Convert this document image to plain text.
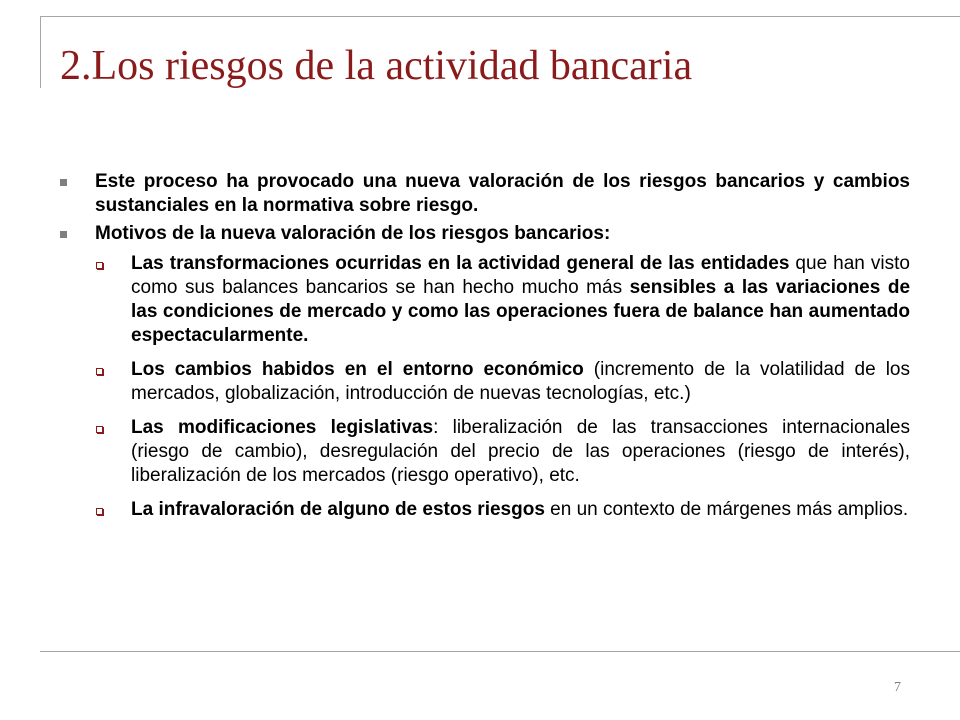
2.Los riesgos de la actividad bancaria
Este proceso ha provocado una nueva valoración de los riesgos bancarios y cambios sustanciales en la normativa sobre riesgo.
Motivos de la nueva valoración de los riesgos bancarios:
Las transformaciones ocurridas en la actividad general de las entidades que han visto como sus balances bancarios se han hecho mucho más sensibles a las variaciones de las condiciones de mercado y como las operaciones fuera de balance han aumentado espectacularmente.
Los cambios habidos en el entorno económico (incremento de la volatilidad de los mercados, globalización, introducción de nuevas tecnologías, etc.)
Las modificaciones legislativas: liberalización de las transacciones internacionales (riesgo de cambio), desregulación del precio de las operaciones (riesgo de interés), liberalización de los mercados (riesgo operativo), etc.
La infravaloración de alguno de estos riesgos en un contexto de márgenes más amplios.
7
